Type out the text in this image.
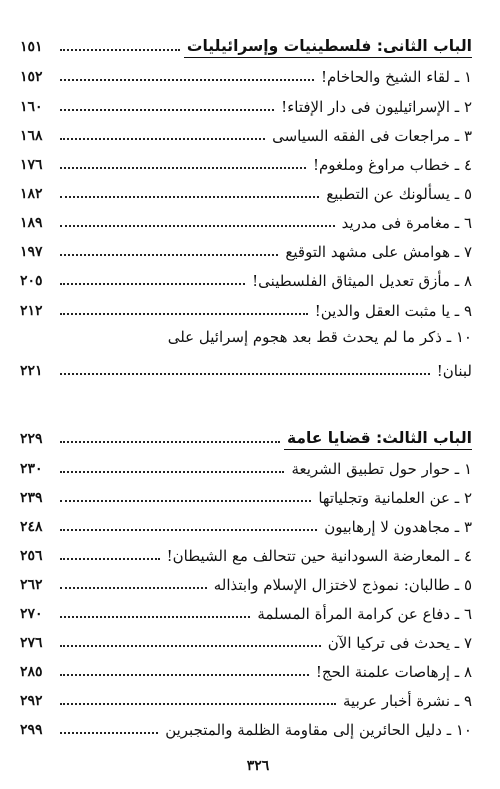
الباب الثانى: فلسطينيات وإسرائيليات
١٥١
١ ـ لقاء الشيخ والحاخام!
١٥٢
٢ ـ الإسرائيليون فى دار الإفتاء!
١٦٠
٣ ـ مراجعات فى الفقه السياسى
١٦٨
٤ ـ خطاب مراوغ وملغوم!
١٧٦
٥ ـ يسألونك عن التطبيع
١٨٢
٦ ـ مغامرة فى مدريد
١٨٩
٧ ـ هوامش على مشهد التوقيع
١٩٧
٨ ـ مأزق تعديل الميثاق الفلسطينى!
٢٠٥
٩ ـ يا مثبت العقل والدين!
٢١٢
١٠ ـ ذكر ما لم يحدث قط بعد هجوم إسرائيل على
لبنان!
٢٢١
الباب الثالث: قضايا عامة
٢٢٩
١ ـ حوار حول تطبيق الشريعة
٢٣٠
٢ ـ عن العلمانية وتجلياتها
٢٣٩
٣ ـ مجاهدون لا إرهابيون
٢٤٨
٤ ـ المعارضة السودانية حين تتحالف مع الشيطان!
٢٥٦
٥ ـ طالبان: نموذج لاختزال الإسلام وابتذاله
٢٦٢
٦ ـ دفاع عن كرامة المرأة المسلمة
٢٧٠
٧ ـ يحدث فى تركيا الآن
٢٧٦
٨ ـ إرهاصات علمنة الحج!
٢٨٥
٩ ـ نشرة أخبار عربية
٢٩٢
١٠ ـ دليل الحائرين إلى مقاومة الظلمة والمتجبرين
٢٩٩
٣٢٦
